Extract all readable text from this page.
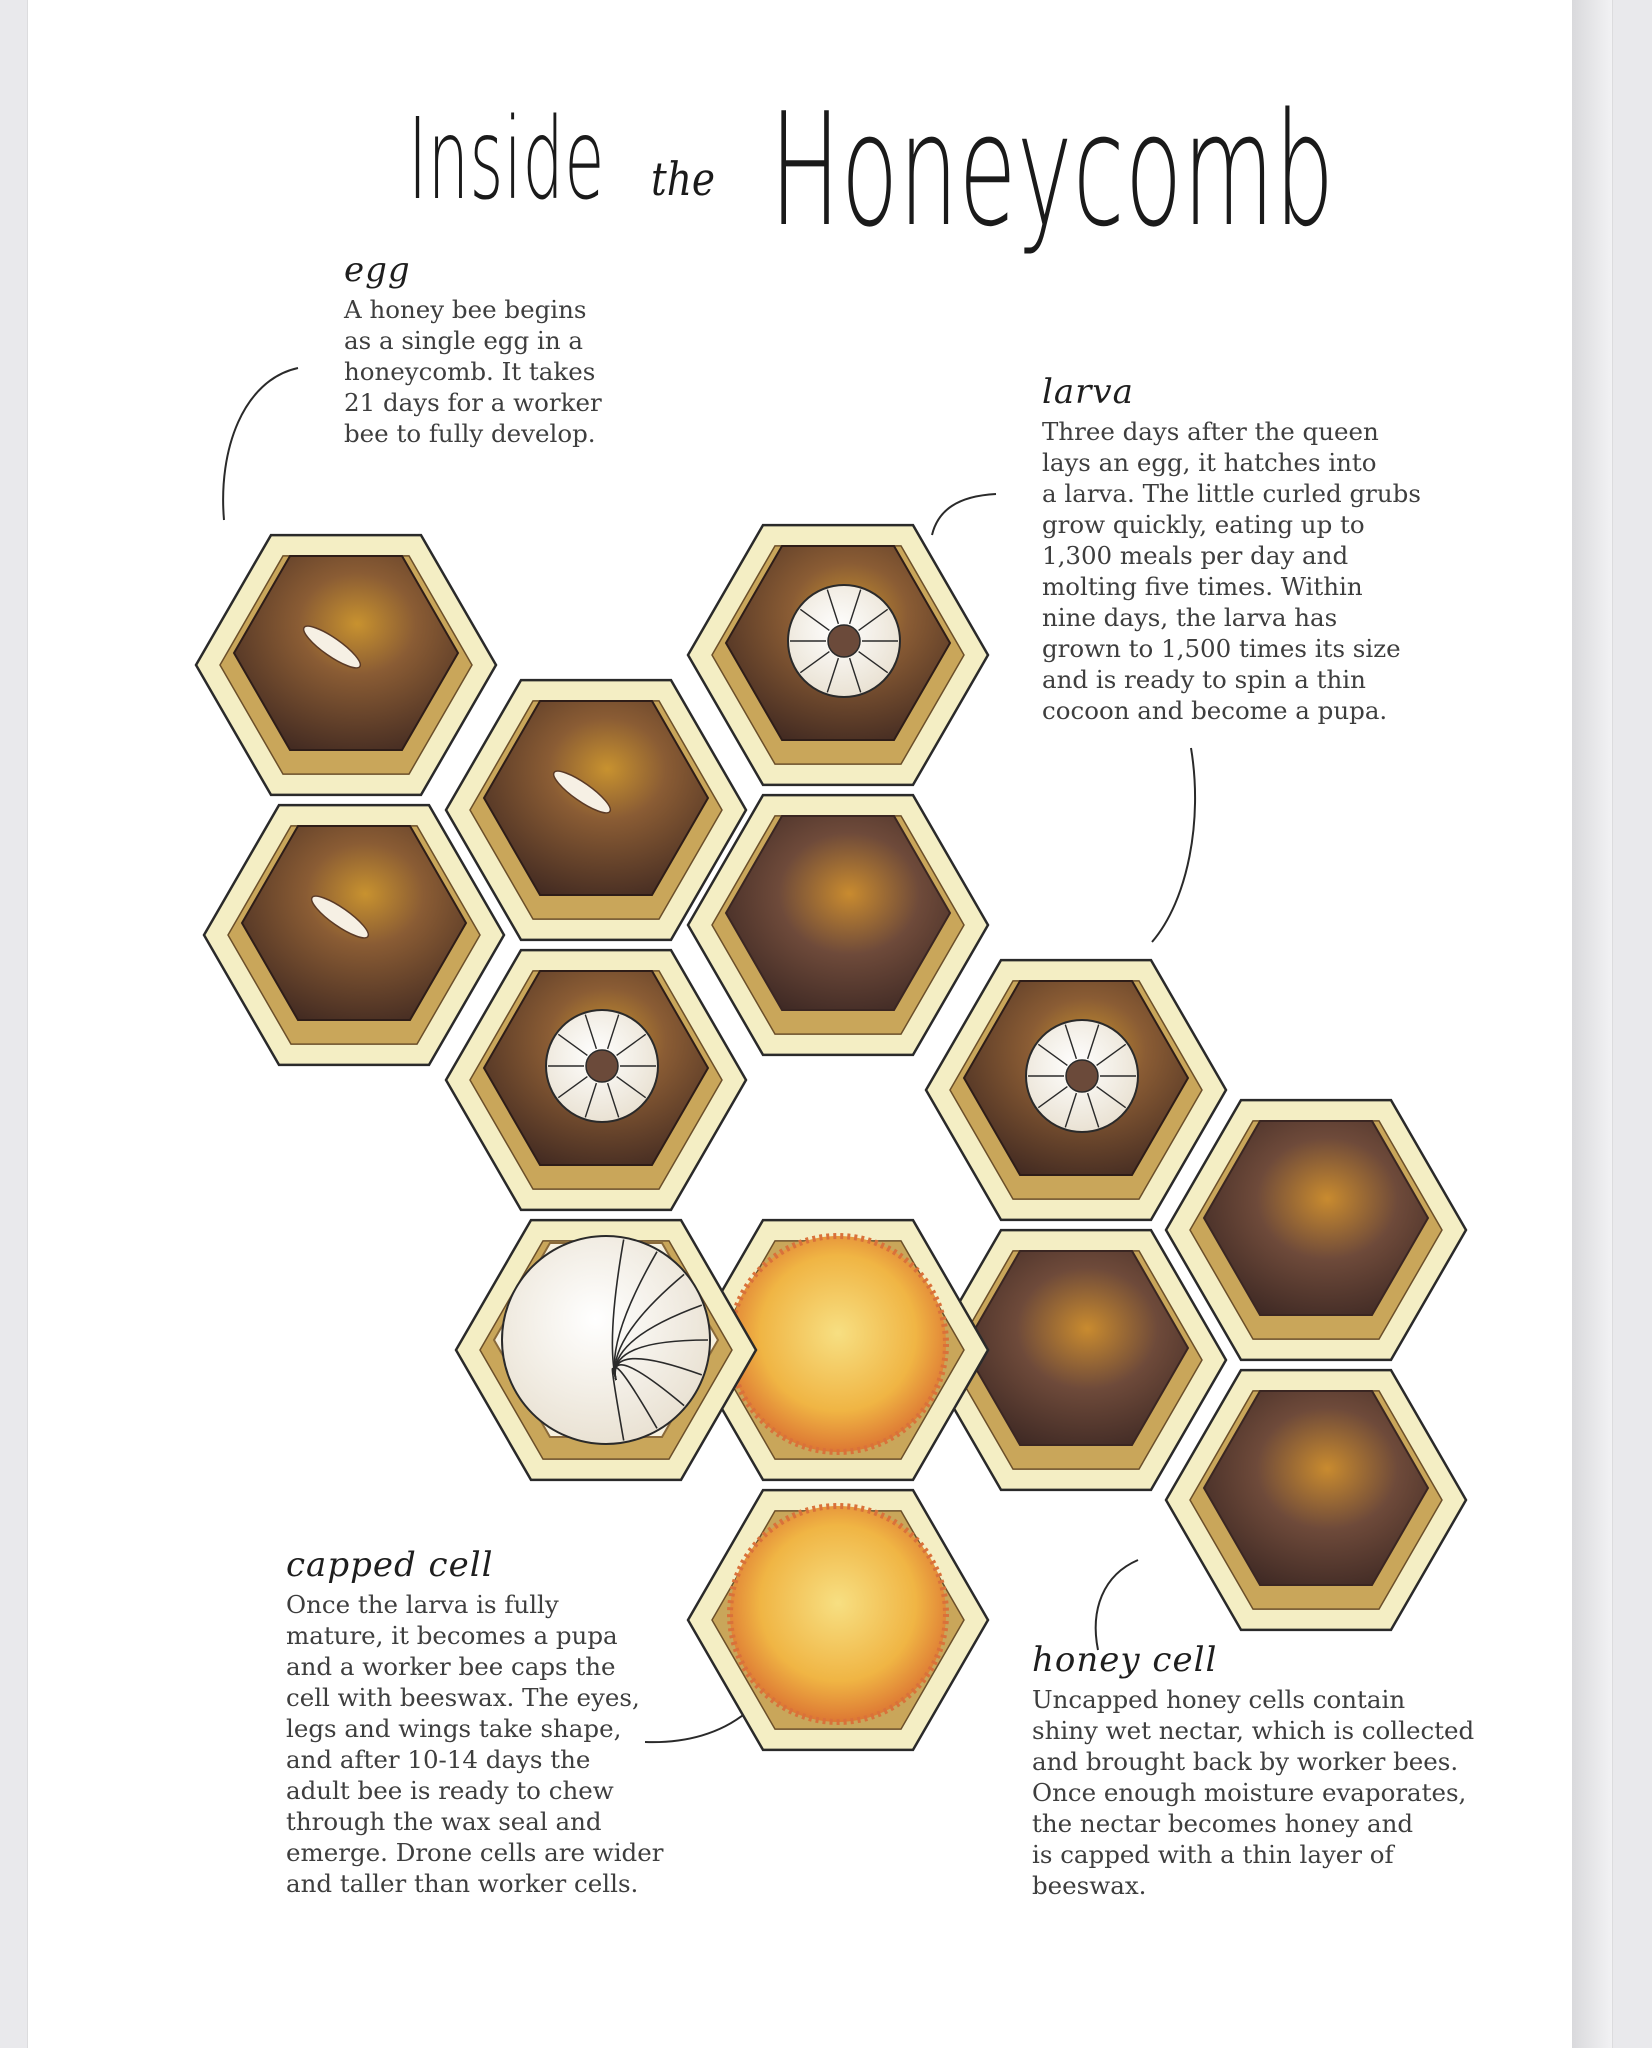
Inside the Honeycomb

egg

A honey bee begins
as a single egg in a
honeycomb. It takes
21 days for a worker
bee to fully develop.

larva

Three days after the queen
lays an egg, it hatches into
a larva. The little curled grubs
grow quickly, eating up to
1,300 meals per day and
molting five times. Within
nine days, the larva has
grown to 1,500 times its size
and is ready to spin a thin
cocoon and become a pupa.

capped cell

Once the larva is fully
mature, it becomes a pupa
and a worker bee caps the
cell with beeswax. The eyes,
legs and wings take shape,
and after 10-14 days the
adult bee is ready to chew
through the wax seal and
emerge. Drone cells are wider
and taller than worker cells.

honey cell

Uncapped honey cells contain
shiny wet nectar, which is collected
and brought back by worker bees.
Once enough moisture evaporates,
the nectar becomes honey and
is capped with a thin layer of
beeswax.
